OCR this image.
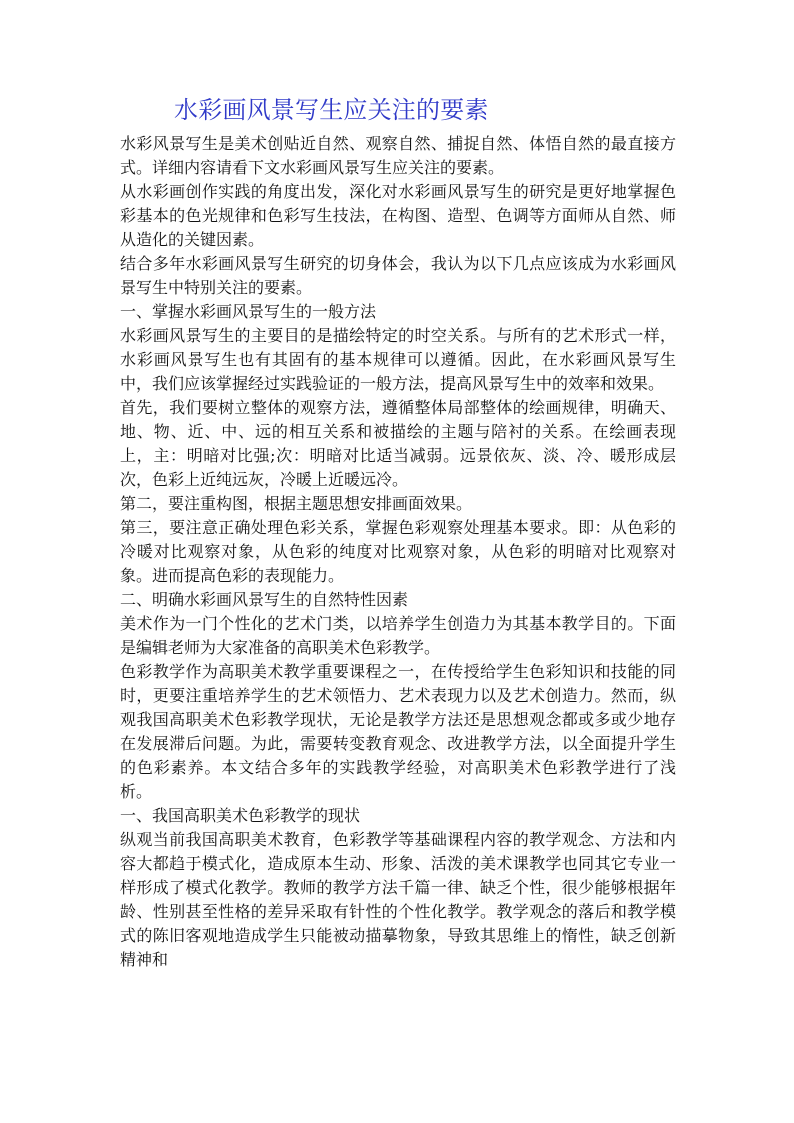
水彩画风景写生应关注的要素

水彩风景写生是美术创贴近自然、观察自然、捕捉自然、体悟自然的最直接方式。详细内容请看下文水彩画风景写生应关注的要素。

从水彩画创作实践的角度出发，深化对水彩画风景写生的研究是更好地掌握色彩基本的色光规律和色彩写生技法，在构图、造型、色调等方面师从自然、师从造化的关键因素。

结合多年水彩画风景写生研究的切身体会，我认为以下几点应该成为水彩画风景写生中特别关注的要素。

一、掌握水彩画风景写生的一般方法

水彩画风景写生的主要目的是描绘特定的时空关系。与所有的艺术形式一样，水彩画风景写生也有其固有的基本规律可以遵循。因此，在水彩画风景写生中，我们应该掌握经过实践验证的一般方法，提高风景写生中的效率和效果。

首先，我们要树立整体的观察方法，遵循整体局部整体的绘画规律，明确天、地、物、近、中、远的相互关系和被描绘的主题与陪衬的关系。在绘画表现上，主：明暗对比强;次：明暗对比适当减弱。远景依灰、淡、冷、暖形成层次，色彩上近纯远灰，冷暖上近暖远冷。

第二，要注重构图，根据主题思想安排画面效果。

第三，要注意正确处理色彩关系，掌握色彩观察处理基本要求。即：从色彩的冷暖对比观察对象，从色彩的纯度对比观察对象，从色彩的明暗对比观察对象。进而提高色彩的表现能力。

二、明确水彩画风景写生的自然特性因素

美术作为一门个性化的艺术门类，以培养学生创造力为其基本教学目的。下面是编辑老师为大家准备的高职美术色彩教学。

色彩教学作为高职美术教学重要课程之一，在传授给学生色彩知识和技能的同时，更要注重培养学生的艺术领悟力、艺术表现力以及艺术创造力。然而，纵观我国高职美术色彩教学现状，无论是教学方法还是思想观念都或多或少地存在发展滞后问题。为此，需要转变教育观念、改进教学方法，以全面提升学生的色彩素养。本文结合多年的实践教学经验，对高职美术色彩教学进行了浅析。

一、我国高职美术色彩教学的现状

纵观当前我国高职美术教育，色彩教学等基础课程内容的教学观念、方法和内容大都趋于模式化，造成原本生动、形象、活泼的美术课教学也同其它专业一样形成了模式化教学。教师的教学方法千篇一律、缺乏个性，很少能够根据年龄、性别甚至性格的差异采取有针性的个性化教学。教学观念的落后和教学模式的陈旧客观地造成学生只能被动描摹物象，导致其思维上的惰性，缺乏创新精神和
